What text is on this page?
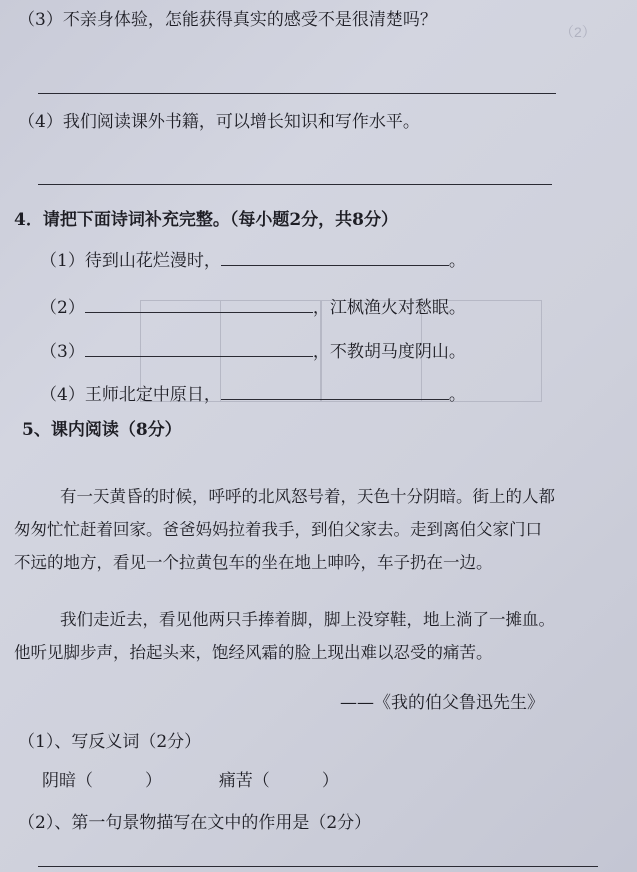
（2）
（3）不亲身体验，怎能获得真实的感受不是很清楚吗？
（4）我们阅读课外书籍，可以增长知识和写作水平。
4．请把下面诗词补充完整。（每小题2分，共8分）
（1）待到山花烂漫时，	。
（2）	，江枫渔火对愁眠。
（3）	，不教胡马度阴山。
（4）王师北定中原日，	。
5、课内阅读（8分）
有一天黄昏的时候，呼呼的北风怒号着，天色十分阴暗。街上的人都
匆匆忙忙赶着回家。爸爸妈妈拉着我手，到伯父家去。走到离伯父家门口
不远的地方，看见一个拉黄包车的坐在地上呻吟，车子扔在一边。
我们走近去，看见他两只手捧着脚，脚上没穿鞋，地上淌了一摊血。
他听见脚步声，抬起头来，饱经风霜的脸上现出难以忍受的痛苦。
——《我的伯父鲁迅先生》
（1）、写反义词（2分）
阴暗（	）	痛苦（	）
（2）、第一句景物描写在文中的作用是（2分）
